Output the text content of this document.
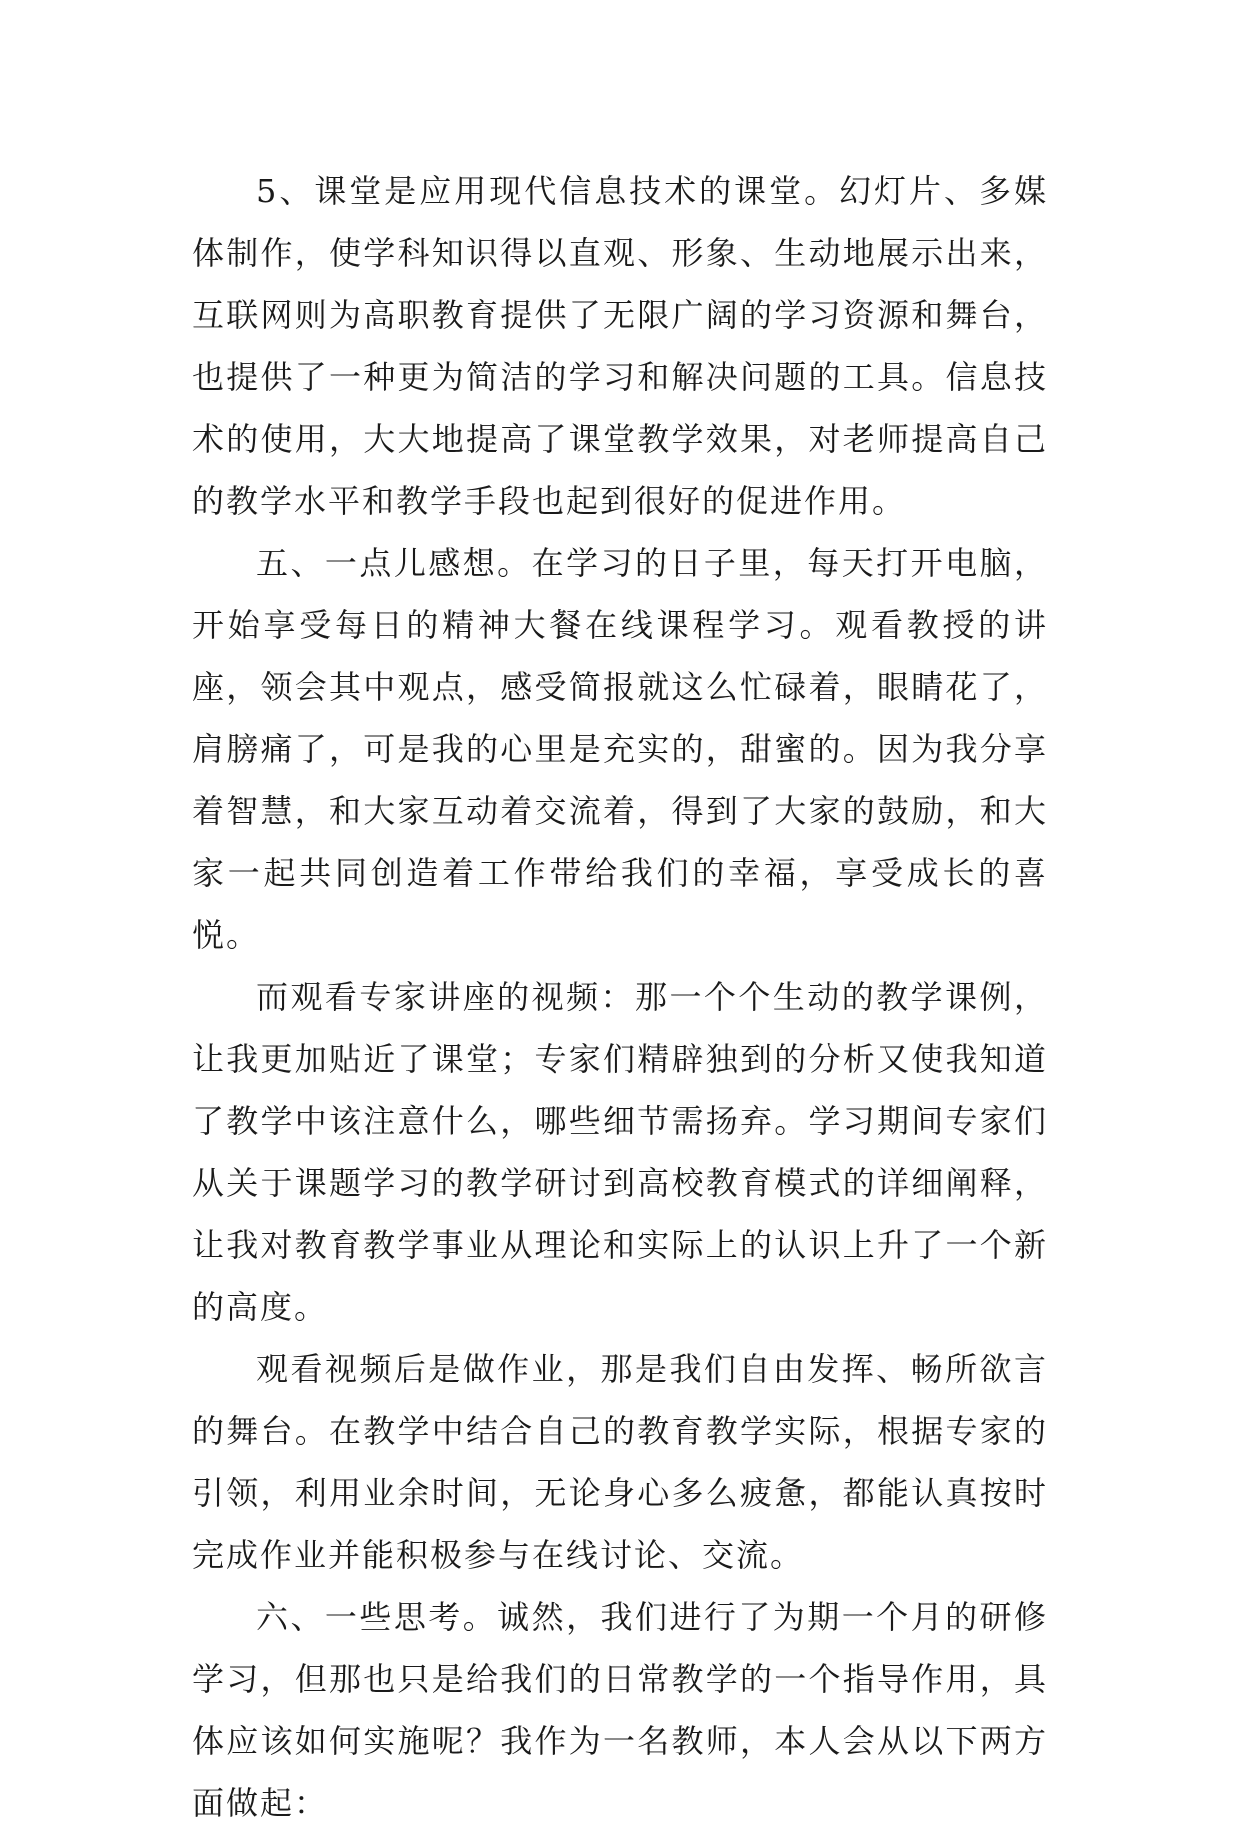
5、课堂是应用现代信息技术的课堂。幻灯片、多媒体制作，使学科知识得以直观、形象、生动地展示出来，互联网则为高职教育提供了无限广阔的学习资源和舞台，也提供了一种更为简洁的学习和解决问题的工具。信息技术的使用，大大地提高了课堂教学效果，对老师提高自己的教学水平和教学手段也起到很好的促进作用。

五、一点儿感想。在学习的日子里，每天打开电脑，开始享受每日的精神大餐在线课程学习。观看教授的讲座，领会其中观点，感受简报就这么忙碌着，眼睛花了，肩膀痛了，可是我的心里是充实的，甜蜜的。因为我分享着智慧，和大家互动着交流着，得到了大家的鼓励，和大家一起共同创造着工作带给我们的幸福，享受成长的喜悦。

而观看专家讲座的视频：那一个个生动的教学课例，让我更加贴近了课堂；专家们精辟独到的分析又使我知道了教学中该注意什么，哪些细节需扬弃。学习期间专家们从关于课题学习的教学研讨到高校教育模式的详细阐释，让我对教育教学事业从理论和实际上的认识上升了一个新的高度。

观看视频后是做作业，那是我们自由发挥、畅所欲言的舞台。在教学中结合自己的教育教学实际，根据专家的引领，利用业余时间，无论身心多么疲惫，都能认真按时完成作业并能积极参与在线讨论、交流。

六、一些思考。诚然，我们进行了为期一个月的研修学习，但那也只是给我们的日常教学的一个指导作用，具体应该如何实施呢？我作为一名教师，本人会从以下两方面做起：
